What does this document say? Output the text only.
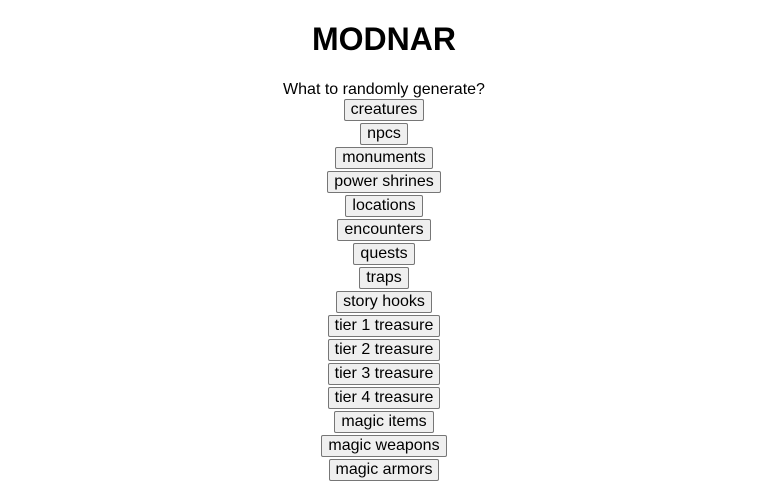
MODNAR
What to randomly generate?
creatures
npcs
monuments
power shrines
locations
encounters
quests
traps
story hooks
tier 1 treasure
tier 2 treasure
tier 3 treasure
tier 4 treasure
magic items
magic weapons
magic armors
